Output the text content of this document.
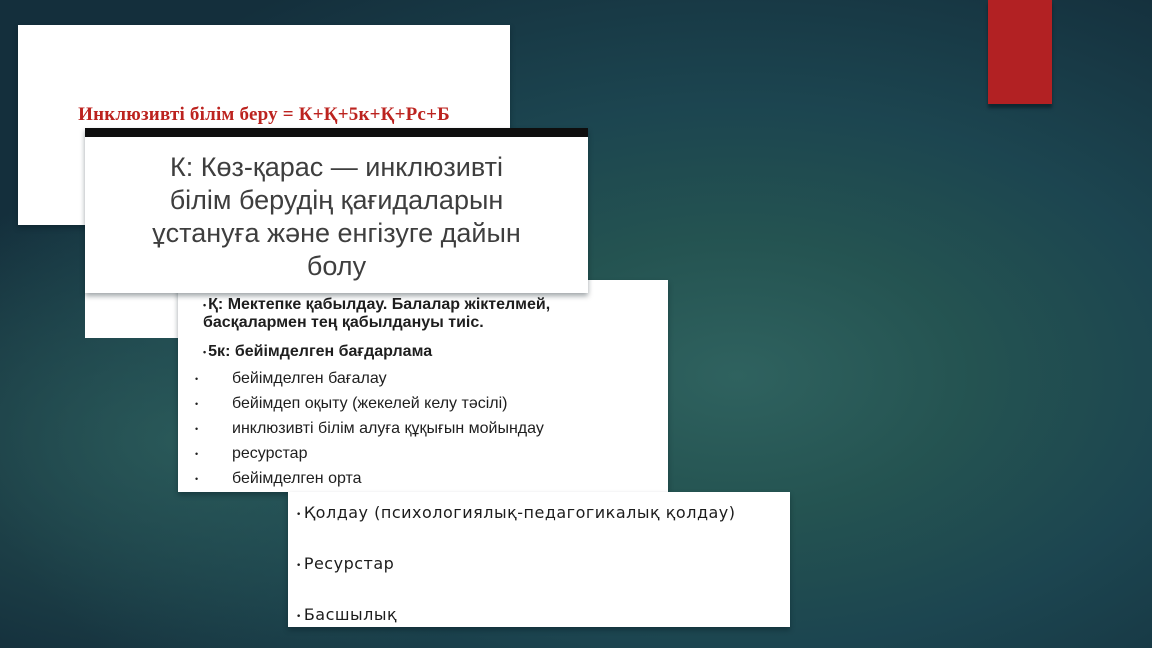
Инклюзивті білім беру = К+Қ+5к+Қ+Рс+Б
• Қ: Мектепке қабылдау. Балалар жіктелмей, басқалармен тең қабылдануы тиіс.
• 5к: бейімделген бағдарлама
• бейімделген бағалау
• бейімдеп оқыту (жекелей келу тәсілі)
• инклюзивті білім алуға құқығын мойындау
• ресурстар
• бейімделген орта
К: Көз-қарас — инклюзивті
білім берудің қағидаларын
ұстануға және енгізуге дайын
болу
• Қолдау (психологиялық-педагогикалық қолдау)
• Ресурстар
• Басшылық
